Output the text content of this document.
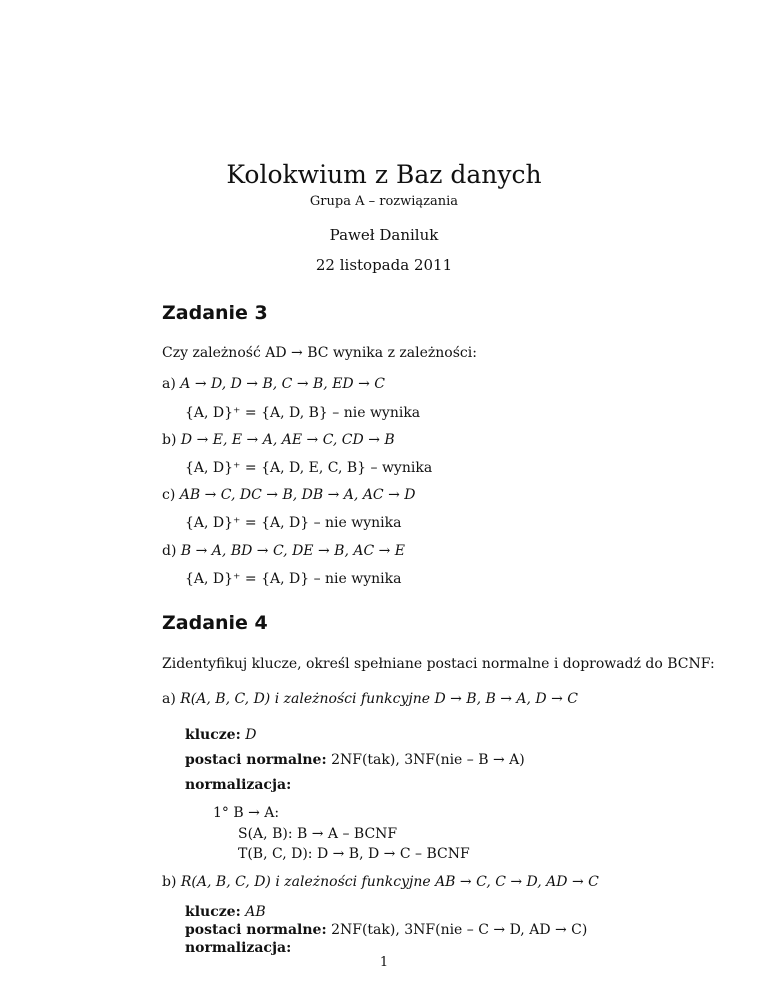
Kolokwium z Baz danych
Grupa A – rozwiązania
Paweł Daniluk
22 listopada 2011
Zadanie 3
Czy zależność AD → BC wynika z zależności:
a) A → D, D → B, C → B, ED → C
{A, D}⁺ = {A, D, B} – nie wynika
b) D → E, E → A, AE → C, CD → B
{A, D}⁺ = {A, D, E, C, B} – wynika
c) AB → C, DC → B, DB → A, AC → D
{A, D}⁺ = {A, D} – nie wynika
d) B → A, BD → C, DE → B, AC → E
{A, D}⁺ = {A, D} – nie wynika
Zadanie 4
Zidentyfikuj klucze, określ spełniane postaci normalne i doprowadź do BCNF:
a) R(A, B, C, D) i zależności funkcyjne D → B, B → A, D → C
klucze: D
postaci normalne: 2NF(tak), 3NF(nie – B → A)
normalizacja:
1° B → A:
S(A, B): B → A – BCNF
T(B, C, D): D → B, D → C – BCNF
1
b) R(A, B, C, D) i zależności funkcyjne AB → C, C → D, AD → C
klucze: AB
postaci normalne: 2NF(tak), 3NF(nie – C → D, AD → C)
normalizacja:
